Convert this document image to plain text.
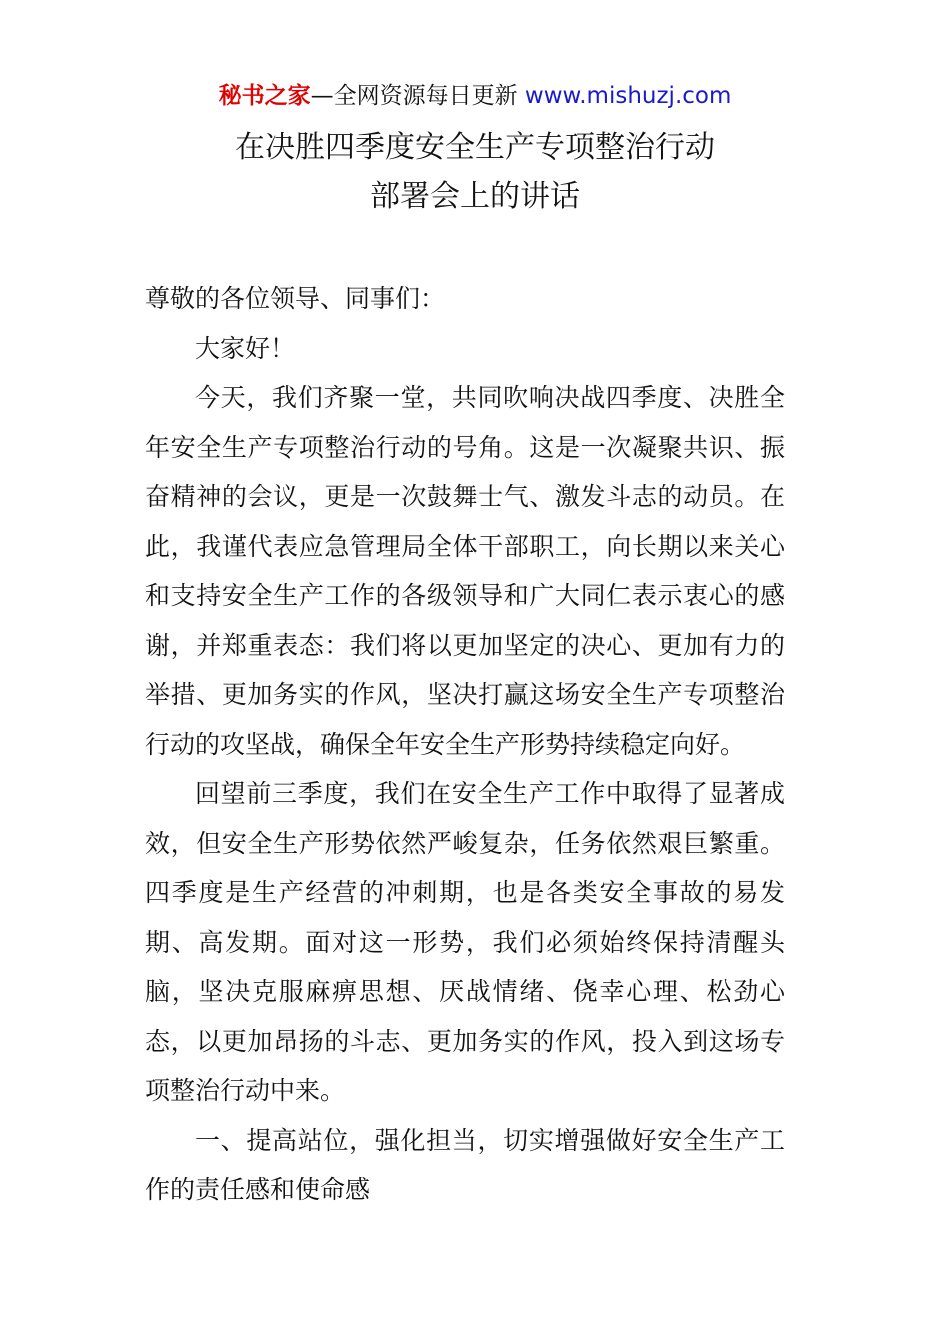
秘书之家—全网资源每日更新 www.mishuzj.com
在决胜四季度安全生产专项整治行动
部署会上的讲话

尊敬的各位领导、同事们：

大家好！

今天，我们齐聚一堂，共同吹响决战四季度、决胜全年安全生产专项整治行动的号角。这是一次凝聚共识、振奋精神的会议，更是一次鼓舞士气、激发斗志的动员。在此，我谨代表应急管理局全体干部职工，向长期以来关心和支持安全生产工作的各级领导和广大同仁表示衷心的感谢，并郑重表态：我们将以更加坚定的决心、更加有力的举措、更加务实的作风，坚决打赢这场安全生产专项整治行动的攻坚战，确保全年安全生产形势持续稳定向好。

回望前三季度，我们在安全生产工作中取得了显著成效，但安全生产形势依然严峻复杂，任务依然艰巨繁重。四季度是生产经营的冲刺期，也是各类安全事故的易发期、高发期。面对这一形势，我们必须始终保持清醒头脑，坚决克服麻痹思想、厌战情绪、侥幸心理、松劲心态，以更加昂扬的斗志、更加务实的作风，投入到这场专项整治行动中来。

一、提高站位，强化担当，切实增强做好安全生产工作的责任感和使命感
